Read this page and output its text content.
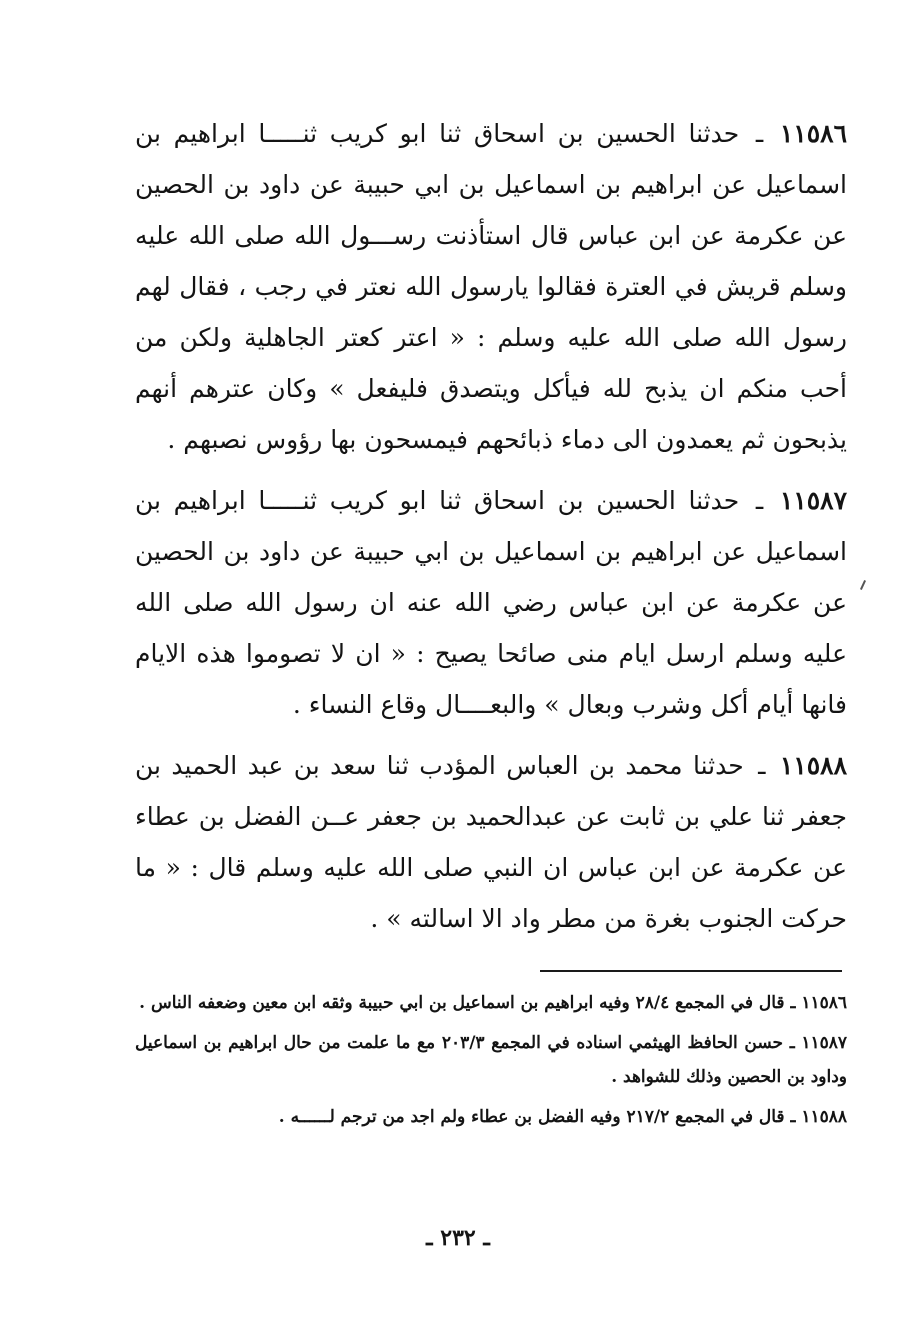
١١٥٨٦ ـ حدثنا الحسين بن اسحاق ثنا ابو كريب ثنـــــا ابراهيم بن اسماعيل عن ابراهيم بن اسماعيل بن ابي حبيبة عن داود بن الحصين عن عكرمة عن ابن عباس قال استأذنت رســـول الله صلى الله عليه وسلم قريش في العترة فقالوا يارسول الله نعتر في رجب ، فقال لهم رسول الله صلى الله عليه وسلم : « اعتر كعتر الجاهلية ولكن من أحب منكم ان يذبح لله فيأكل ويتصدق فليفعل » وكان عترهم أنهم يذبحون ثم يعمدون الى دماء ذبائحهم فيمسحون بها رؤوس نصبهم .

١١٥٨٧ ـ حدثنا الحسين بن اسحاق ثنا ابو كريب ثنـــــا ابراهيم بن اسماعيل عن ابراهيم بن اسماعيل بن ابي حبيبة عن داود بن الحصين عن عكرمة عن ابن عباس رضي الله عنه ان رسول الله صلى الله عليه وسلم ارسل ايام منى صائحا يصيح : « ان لا تصوموا هذه الايام فانها أيام أكل وشرب وبعال » والبعــــال وقاع النساء .

١١٥٨٨ ـ حدثنا محمد بن العباس المؤدب ثنا سعد بن عبد الحميد بن جعفر ثنا علي بن ثابت عن عبدالحميد بن جعفر عــن الفضل بن عطاء عن عكرمة عن ابن عباس ان النبي صلى الله عليه وسلم قال : « ما حركت الجنوب بغرة من مطر واد الا اسالته » .

١١٥٨٦ ـ قال في المجمع ٢٨/٤ وفيه ابراهيم بن اسماعيل بن ابي حبيبة وثقه ابن معين وضعفه الناس .

١١٥٨٧ ـ حسن الحافظ الهيثمي اسناده في المجمع ٢٠٣/٣ مع ما علمت من حال ابراهيم بن اسماعيل وداود بن الحصين وذلك للشواهد .

١١٥٨٨ ـ قال في المجمع ٢١٧/٢ وفيه الفضل بن عطاء ولم اجد من ترجم لــــــه .

ـ ٢٣٢ ـ
